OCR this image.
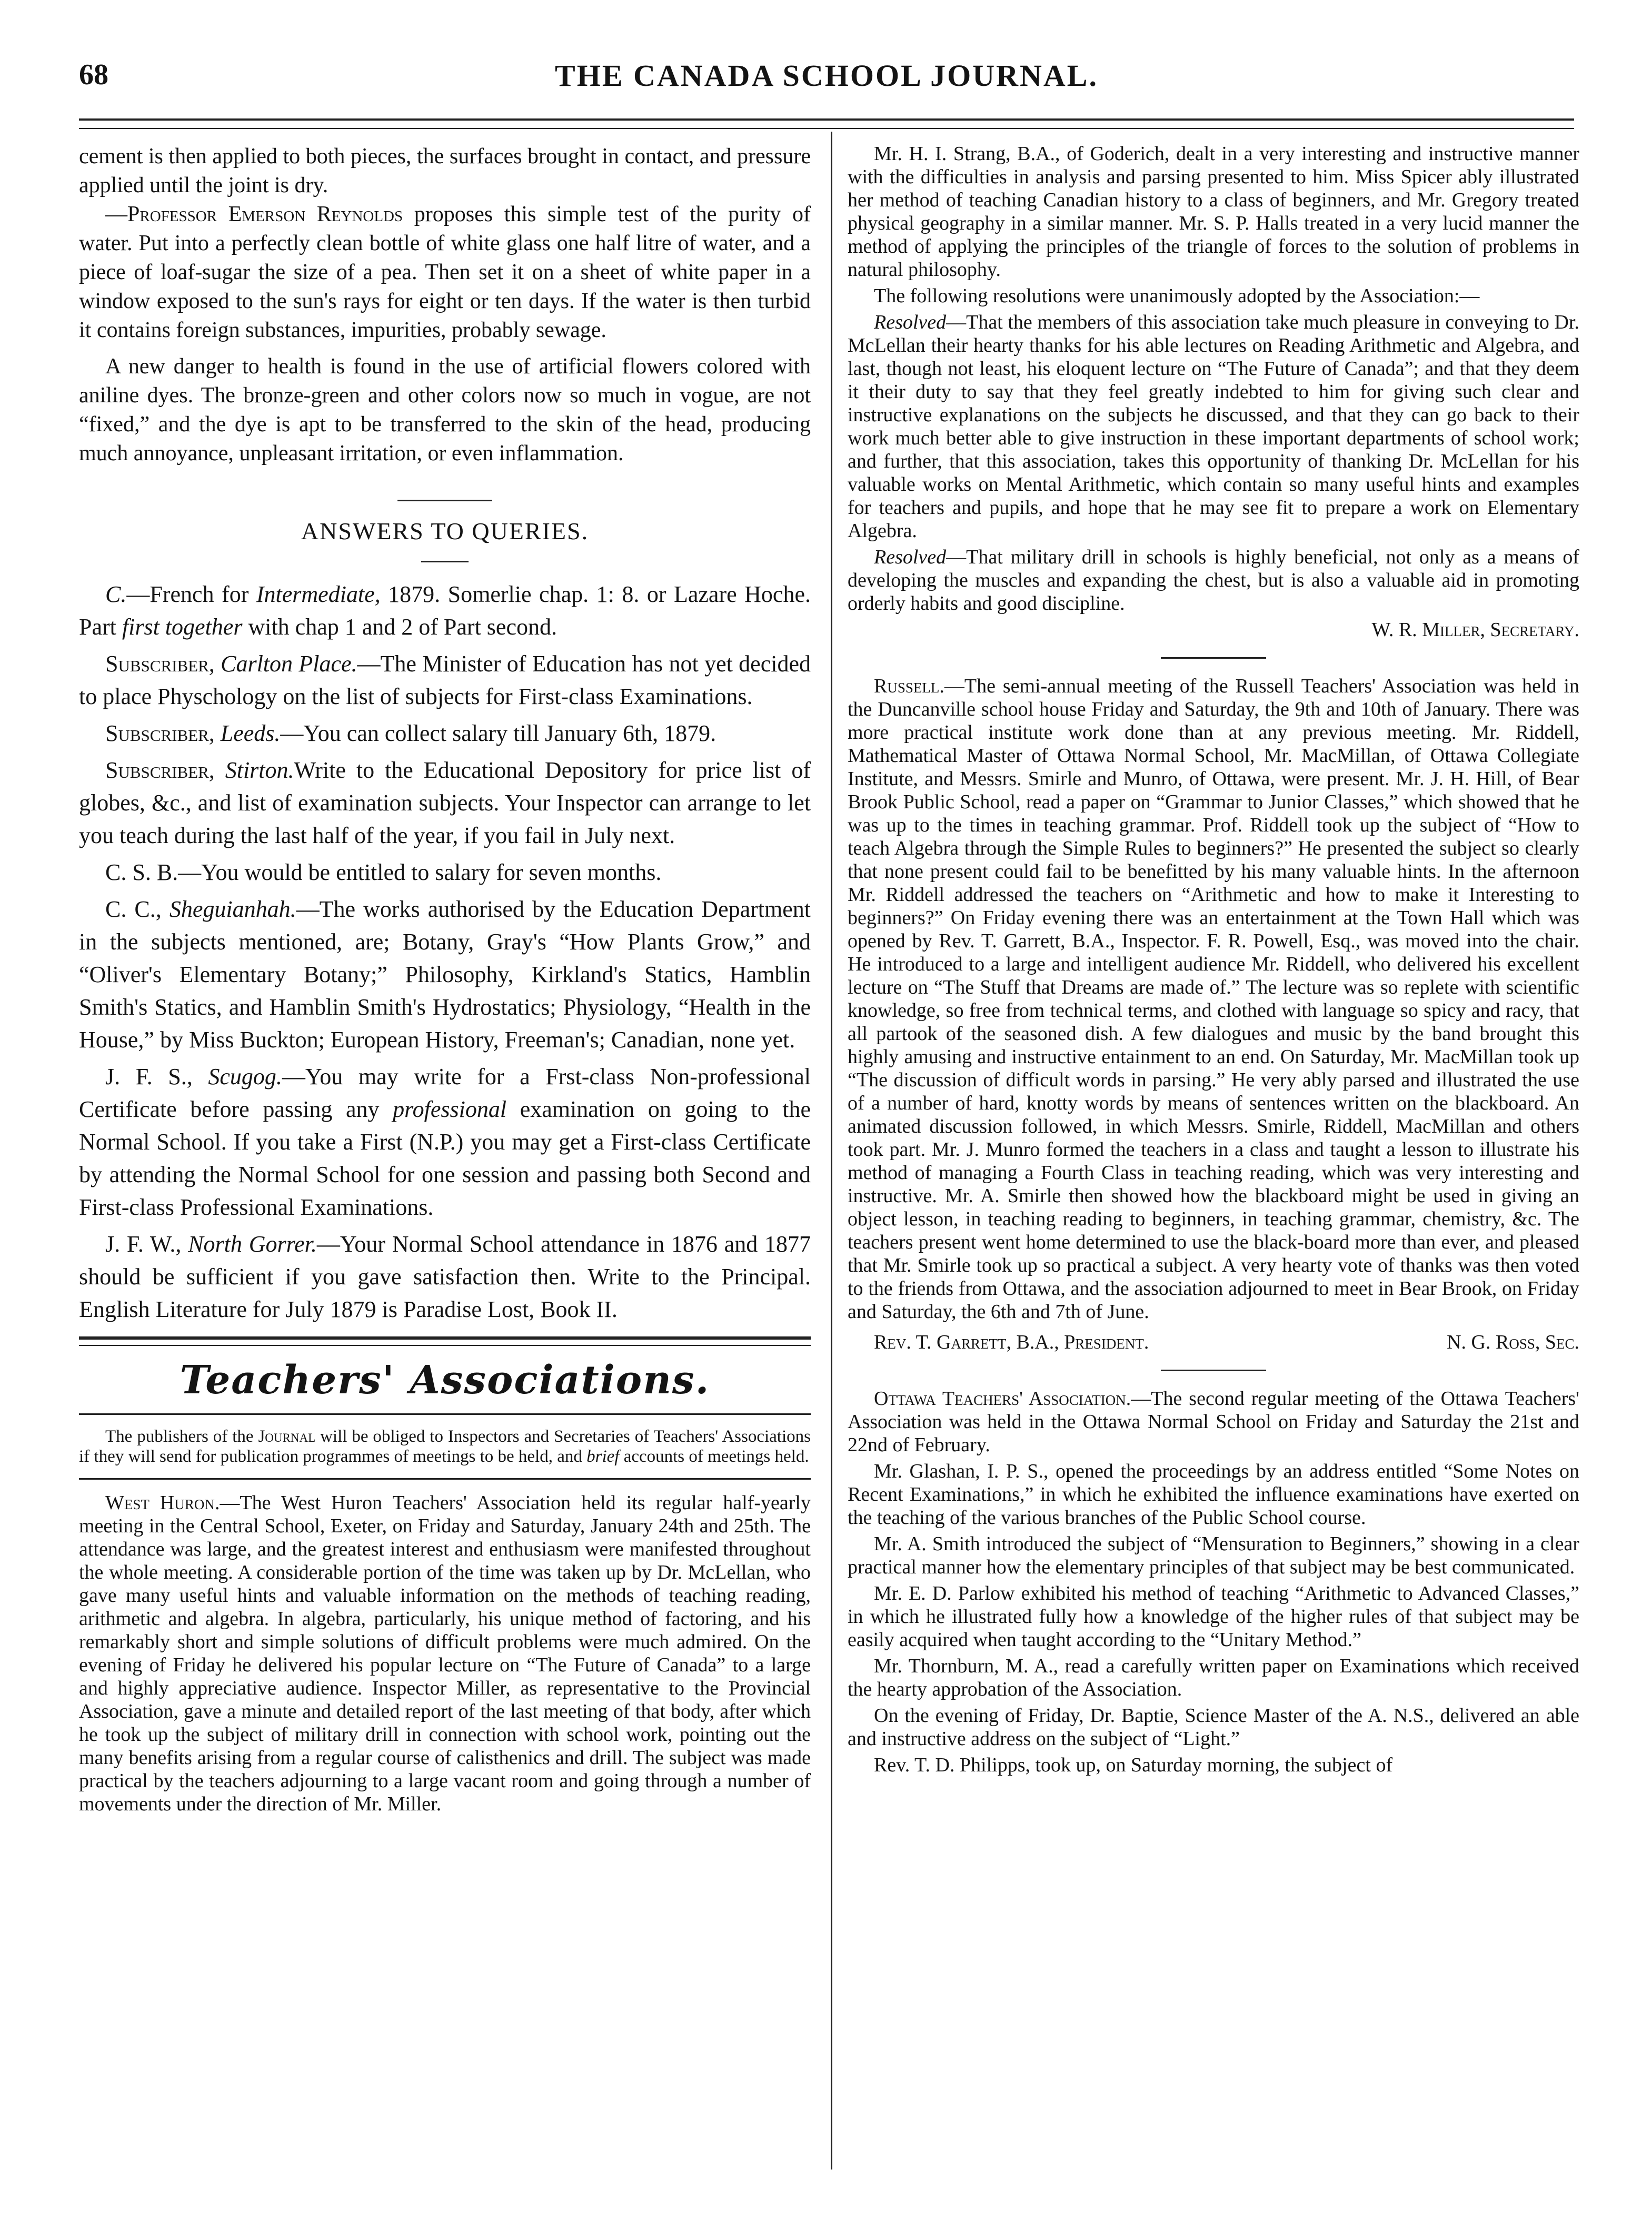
68	THE CANADA SCHOOL JOURNAL.

cement is then applied to both pieces, the surfaces brought in contact, and pressure applied until the joint is dry.

—Professor Emerson Reynolds proposes this simple test of the purity of water. Put into a perfectly clean bottle of white glass one half litre of water, and a piece of loaf-sugar the size of a pea. Then set it on a sheet of white paper in a window exposed to the sun's rays for eight or ten days. If the water is then turbid it contains foreign substances, impurities, probably sewage.

A new danger to health is found in the use of artificial flowers colored with aniline dyes. The bronze-green and other colors now so much in vogue, are not “fixed,” and the dye is apt to be transferred to the skin of the head, producing much annoyance, unpleasant irritation, or even inflammation.

ANSWERS TO QUERIES.

C.—French for Intermediate, 1879. Somerlie chap. 1: 8. or Lazare Hoche. Part first together with chap 1 and 2 of Part second.

Subscriber, Carlton Place.—The Minister of Education has not yet decided to place Physchology on the list of subjects for First-class Examinations.

Subscriber, Leeds.—You can collect salary till January 6th, 1879.

Subscriber, Stirton.Write to the Educational Depository for price list of globes, &c., and list of examination subjects. Your Inspector can arrange to let you teach during the last half of the year, if you fail in July next.

C. S. B.—You would be entitled to salary for seven months.

C. C., Sheguianhah.—The works authorised by the Education Department in the subjects mentioned, are; Botany, Gray's “How Plants Grow,” and “Oliver's Elementary Botany;” Philosophy, Kirkland's Statics, Hamblin Smith's Statics, and Hamblin Smith's Hydrostatics; Physiology, “Health in the House,” by Miss Buckton; European History, Freeman's; Canadian, none yet.

J. F. S., Scugog.—You may write for a Frst-class Non-professional Certificate before passing any professional examination on going to the Normal School. If you take a First (N.P.) you may get a First-class Certificate by attending the Normal School for one session and passing both Second and First-class Professional Examinations.

J. F. W., North Gorrer.—Your Normal School attendance in 1876 and 1877 should be sufficient if you gave satisfaction then. Write to the Principal. English Literature for July 1879 is Paradise Lost, Book II.

Teachers' Associations.

The publishers of the Journal will be obliged to Inspectors and Secretaries of Teachers' Associations if they will send for publication programmes of meetings to be held, and brief accounts of meetings held.

West Huron.—The West Huron Teachers' Association held its regular half-yearly meeting in the Central School, Exeter, on Friday and Saturday, January 24th and 25th. The attendance was large, and the greatest interest and enthusiasm were manifested throughout the whole meeting. A considerable portion of the time was taken up by Dr. McLellan, who gave many useful hints and valuable information on the methods of teaching reading, arithmetic and algebra. In algebra, particularly, his unique method of factoring, and his remarkably short and simple solutions of difficult problems were much admired. On the evening of Friday he delivered his popular lecture on “The Future of Canada” to a large and highly appreciative audience. Inspector Miller, as representative to the Provincial Association, gave a minute and detailed report of the last meeting of that body, after which he took up the subject of military drill in connection with school work, pointing out the many benefits arising from a regular course of calisthenics and drill. The subject was made practical by the teachers adjourning to a large vacant room and going through a number of movements under the direction of Mr. Miller.

Mr. H. I. Strang, B.A., of Goderich, dealt in a very interesting and instructive manner with the difficulties in analysis and parsing presented to him. Miss Spicer ably illustrated her method of teaching Canadian history to a class of beginners, and Mr. Gregory treated physical geography in a similar manner. Mr. S. P. Halls treated in a very lucid manner the method of applying the principles of the triangle of forces to the solution of problems in natural philosophy.

The following resolutions were unanimously adopted by the Association:—

Resolved—That the members of this association take much pleasure in conveying to Dr. McLellan their hearty thanks for his able lectures on Reading Arithmetic and Algebra, and last, though not least, his eloquent lecture on “The Future of Canada”; and that they deem it their duty to say that they feel greatly indebted to him for giving such clear and instructive explanations on the subjects he discussed, and that they can go back to their work much better able to give instruction in these important departments of school work; and further, that this association, takes this opportunity of thanking Dr. McLellan for his valuable works on Mental Arithmetic, which contain so many useful hints and examples for teachers and pupils, and hope that he may see fit to prepare a work on Elementary Algebra.

Resolved—That military drill in schools is highly beneficial, not only as a means of developing the muscles and expanding the chest, but is also a valuable aid in promoting orderly habits and good discipline.

W. R. Miller, Secretary.

Russell.—The semi-annual meeting of the Russell Teachers' Association was held in the Duncanville school house Friday and Saturday, the 9th and 10th of January. There was more practical institute work done than at any previous meeting. Mr. Riddell, Mathematical Master of Ottawa Normal School, Mr. MacMillan, of Ottawa Collegiate Institute, and Messrs. Smirle and Munro, of Ottawa, were present. Mr. J. H. Hill, of Bear Brook Public School, read a paper on “Grammar to Junior Classes,” which showed that he was up to the times in teaching grammar. Prof. Riddell took up the subject of “How to teach Algebra through the Simple Rules to beginners?” He presented the subject so clearly that none present could fail to be benefitted by his many valuable hints. In the afternoon Mr. Riddell addressed the teachers on “Arithmetic and how to make it Interesting to beginners?” On Friday evening there was an entertainment at the Town Hall which was opened by Rev. T. Garrett, B.A., Inspector. F. R. Powell, Esq., was moved into the chair. He introduced to a large and intelligent audience Mr. Riddell, who delivered his excellent lecture on “The Stuff that Dreams are made of.” The lecture was so replete with scientific knowledge, so free from technical terms, and clothed with language so spicy and racy, that all partook of the seasoned dish. A few dialogues and music by the band brought this highly amusing and instructive entainment to an end. On Saturday, Mr. MacMillan took up “The discussion of difficult words in parsing.” He very ably parsed and illustrated the use of a number of hard, knotty words by means of sentences written on the blackboard. An animated discussion followed, in which Messrs. Smirle, Riddell, MacMillan and others took part. Mr. J. Munro formed the teachers in a class and taught a lesson to illustrate his method of managing a Fourth Class in teaching reading, which was very interesting and instructive. Mr. A. Smirle then showed how the blackboard might be used in giving an object lesson, in teaching reading to beginners, in teaching grammar, chemistry, &c. The teachers present went home determined to use the black-board more than ever, and pleased that Mr. Smirle took up so practical a subject. A very hearty vote of thanks was then voted to the friends from Ottawa, and the association adjourned to meet in Bear Brook, on Friday and Saturday, the 6th and 7th of June.

Rev. T. Garrett, B.A., President.	N. G. Ross, Sec.

Ottawa Teachers' Association.—The second regular meeting of the Ottawa Teachers' Association was held in the Ottawa Normal School on Friday and Saturday the 21st and 22nd of February.

Mr. Glashan, I. P. S., opened the proceedings by an address entitled “Some Notes on Recent Examinations,” in which he exhibited the influence examinations have exerted on the teaching of the various branches of the Public School course.

Mr. A. Smith introduced the subject of “Mensuration to Beginners,” showing in a clear practical manner how the elementary principles of that subject may be best communicated.

Mr. E. D. Parlow exhibited his method of teaching “Arithmetic to Advanced Classes,” in which he illustrated fully how a knowledge of the higher rules of that subject may be easily acquired when taught according to the “Unitary Method.”

Mr. Thornburn, M. A., read a carefully written paper on Examinations which received the hearty approbation of the Association.

On the evening of Friday, Dr. Baptie, Science Master of the A. N.S., delivered an able and instructive address on the subject of “Light.”

Rev. T. D. Philipps, took up, on Saturday morning, the subject of
